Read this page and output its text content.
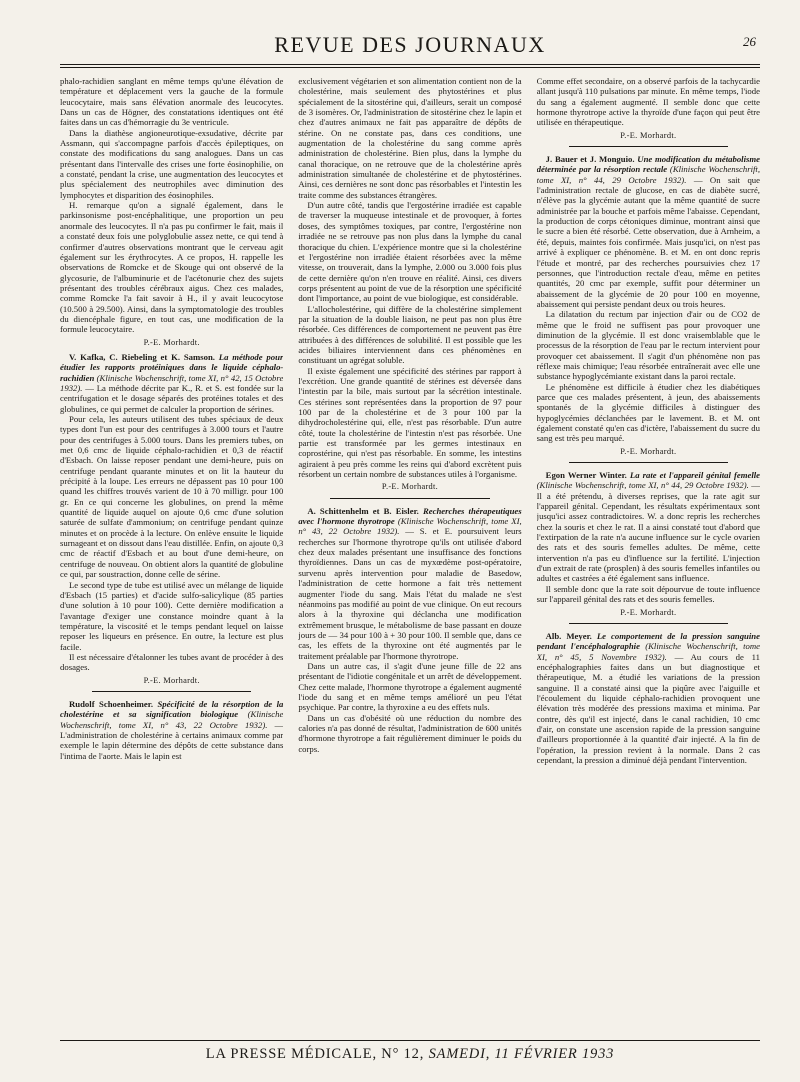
REVUE DES JOURNAUX	26

phalo-rachidien sanglant en même temps qu'une élévation de température et déplacement vers la gauche de la formule leucocytaire, mais sans élévation anormale des leucocytes. Dans un cas de Högner, des constatations identiques ont été faites dans un cas d'hémorragie du 3e ventricule.

Dans la diathèse angioneurotique-exsudative, décrite par Assmann, qui s'accompagne parfois d'accès épileptiques, on constate des modifications du sang analogues. Dans un cas présentant dans l'intervalle des crises une forte éosinophilie, on a constaté, pendant la crise, une augmentation des leucocytes et plus spécialement des neutrophiles avec diminution des lymphocytes et disparition des éosinophiles.

H. remarque qu'on a signalé également, dans le parkinsonisme post-encéphalitique, une proportion un peu anormale des leucocytes. Il n'a pas pu confirmer le fait, mais il a constaté deux fois une polyglobulie assez nette, ce qui tend à confirmer d'autres observations montrant que le cerveau agit également sur les érythrocytes. A ce propos, H. rappelle les observations de Romcke et de Skouge qui ont observé de la glycosurie, de l'albuminurie et de l'acétonurie chez des sujets présentant des troubles cérébraux aigus. Chez ces malades, comme Romcke l'a fait savoir à H., il y avait leucocytose (10.500 à 29.500). Ainsi, dans la symptomatologie des troubles du diencéphale figure, en tout cas, une modification de la formule leucocytaire.

P.-E. Morhardt.

V. Kafka, C. Riebeling et K. Samson. La méthode pour étudier les rapports protéiniques dans le liquide céphalo-rachidien (Klinische Wochenschrift, tome XI, n° 42, 15 Octobre 1932). — La méthode décrite par K., R. et S. est fondée sur la centrifugation et le dosage séparés des protéines totales et des globulines, ce qui permet de calculer la proportion de sérines.

Pour cela, les auteurs utilisent des tubes spéciaux de deux types dont l'un est pour des centrifuges à 3.000 tours et l'autre pour des centrifuges à 5.000 tours. Dans les premiers tubes, on met 0,6 cmc de liquide céphalo-rachidien et 0,3 de réactif d'Esbach. On laisse reposer pendant une demi-heure, puis on centrifuge pendant quarante minutes et on lit la hauteur du précipité à la loupe. Les erreurs ne dépassent pas 10 pour 100 quand les chiffres trouvés varient de 10 à 70 milligr. pour 100 gr. En ce qui concerne les globulines, on prend la même quantité de liquide auquel on ajoute 0,6 cmc d'une solution saturée de sulfate d'ammonium; on centrifuge pendant quinze minutes et on procède à la lecture. On enlève ensuite le liquide surnageant et on dissout dans l'eau distillée. Enfin, on ajoute 0,3 cmc de réactif d'Esbach et au bout d'une demi-heure, on centrifuge de nouveau. On obtient alors la quantité de globuline ce qui, par soustraction, donne celle de sérine.

Le second type de tube est utilisé avec un mélange de liquide d'Esbach (15 parties) et d'acide sulfo-salicylique (85 parties d'une solution à 10 pour 100). Cette dernière modification a l'avantage d'exiger une constance moindre quant à la température, la viscosité et le temps pendant lequel on laisse reposer les liqueurs en présence. En outre, la lecture est plus facile.

Il est nécessaire d'étalonner les tubes avant de procéder à des dosages.

P.-E. Morhardt.

Rudolf Schoenheimer. Spécificité de la résorption de la cholestérine et sa signification biologique (Klinische Wochenschrift, tome XI, n° 43, 22 Octobre 1932). — L'administration de cholestérine à certains animaux comme par exemple le lapin détermine des dépôts de cette substance dans l'intima de l'aorte. Mais le lapin est

exclusivement végétarien et son alimentation contient non de la cholestérine, mais seulement des phytostérines et plus spécialement de la sitostérine qui, d'ailleurs, serait un composé de 3 isomères. Or, l'administration de sitostérine chez le lapin et chez d'autres animaux ne fait pas apparaître de dépôts de stérine. On ne constate pas, dans ces conditions, une augmentation de la cholestérine du sang comme après administration de cholestérine. Bien plus, dans la lymphe du canal thoracique, on ne retrouve que de la cholestérine après administration simultanée de cholestérine et de phytostérines. Ainsi, ces dernières ne sont donc pas résorbables et l'intestin les traite comme des substances étrangères.

D'un autre côté, tandis que l'ergostérine irradiée est capable de traverser la muqueuse intestinale et de provoquer, à fortes doses, des symptômes toxiques, par contre, l'ergostérine non irradiée ne se retrouve pas non plus dans la lymphe du canal thoracique du chien. L'expérience montre que si la cholestérine et l'ergostérine non irradiée étaient résorbées avec la même vitesse, on trouverait, dans la lymphe, 2.000 ou 3.000 fois plus de cette dernière qu'on n'en trouve en réalité. Ainsi, ces divers corps présentent au point de vue de la résorption une spécificité dont l'importance, au point de vue biologique, est considérable.

L'allocholestérine, qui diffère de la cholestérine simplement par la situation de la double liaison, ne peut pas non plus être résorbée. Ces différences de comportement ne peuvent pas être attribuées à des différences de solubilité. Il est possible que les acides biliaires interviennent dans ces phénomènes en constituant un agrégat soluble.

Il existe également une spécificité des stérines par rapport à l'excrétion. Une grande quantité de stérines est déversée dans l'intestin par la bile, mais surtout par la sécrétion intestinale. Ces stérines sont représentées dans la proportion de 97 pour 100 par de la cholestérine et de 3 pour 100 par la dihydrocholestérine qui, elle, n'est pas résorbable. D'un autre côté, toute la cholestérine de l'intestin n'est pas résorbée. Une partie est transformée par les germes intestinaux en coprostérine, qui n'est pas résorbable. En somme, les intestins agiraient à peu près comme les reins qui d'abord excrètent puis résorbent un certain nombre de substances utiles à l'organisme.

P.-E. Morhardt.

A. Schittenhelm et B. Eisler. Recherches thérapeutiques avec l'hormone thyrotrope (Klinische Wochenschrift, tome XI, n° 43, 22 Octobre 1932). — S. et E. poursuivent leurs recherches sur l'hormone thyrotrope qu'ils ont utilisée d'abord chez deux malades présentant une insuffisance des fonctions thyroïdiennes. Dans un cas de myxœdème post-opératoire, survenu après intervention pour maladie de Basedow, l'administration de cette hormone a fait très nettement augmenter l'iode du sang. Mais l'état du malade ne s'est néanmoins pas modifié au point de vue clinique. On eut recours alors à la thyroxine qui déclancha une modification extrêmement brusque, le métabolisme de base passant en douze jours de — 34 pour 100 à + 30 pour 100. Il semble que, dans ce cas, les effets de la thyroxine ont été augmentés par le traitement préalable par l'hormone thyrotrope.

Dans un autre cas, il s'agit d'une jeune fille de 22 ans présentant de l'idiotie congénitale et un arrêt de développement. Chez cette malade, l'hormone thyrotrope a également augmenté l'iode du sang et en même temps amélioré un peu l'état psychique. Par contre, la thyroxine a eu des effets nuls.

Dans un cas d'obésité où une réduction du nombre des calories n'a pas donné de résultat, l'administration de 600 unités d'hormone thyrotrope a fait régulièrement diminuer le poids du corps.

Comme effet secondaire, on a observé parfois de la tachycardie allant jusqu'à 110 pulsations par minute. En même temps, l'iode du sang a également augmenté. Il semble donc que cette hormone thyrotrope active la thyroïde d'une façon qui peut être utilisée en thérapeutique.

P.-E. Morhardt.

J. Bauer et J. Monguio. Une modification du métabolisme déterminée par la résorption rectale (Klinische Wochenschrift, tome XI, n° 44, 29 Octobre 1932). — On sait que l'administration rectale de glucose, en cas de diabète sucré, n'élève pas la glycémie autant que la même quantité de sucre administrée par la bouche et parfois même l'abaisse. Cependant, la production de corps cétoniques diminue, montrant ainsi que le sucre a bien été résorbé. Cette observation, due à Arnheim, a été, depuis, maintes fois confirmée. Mais jusqu'ici, on n'est pas arrivé à expliquer ce phénomène. B. et M. en ont donc repris l'étude et montré, par des recherches poursuivies chez 17 personnes, que l'introduction rectale d'eau, même en petites quantités, 20 cmc par exemple, suffit pour déterminer un abaissement de la glycémie de 20 pour 100 en moyenne, abaissement qui persiste pendant deux ou trois heures.

La dilatation du rectum par injection d'air ou de CO2 de même que le froid ne suffisent pas pour provoquer une diminution de la glycémie. Il est donc vraisemblable que le processus de la résorption de l'eau par le rectum intervient pour provoquer cet abaissement. Il s'agit d'un phénomène non pas réflexe mais chimique; l'eau résorbée entraînerait avec elle une substance hypoglycémiante existant dans la paroi rectale.

Le phénomène est difficile à étudier chez les diabétiques parce que ces malades présentent, à jeun, des abaissements spontanés de la glycémie difficiles à distinguer des hypoglycémies déclanchées par le lavement. B. et M. ont également constaté qu'en cas d'ictère, l'abaissement du sucre du sang est très peu marqué.

P.-E. Morhardt.

Egon Werner Winter. La rate et l'appareil génital femelle (Klinische Wochenschrift, tome XI, n° 44, 29 Octobre 1932). — Il a été prétendu, à diverses reprises, que la rate agit sur l'appareil génital. Cependant, les résultats expérimentaux sont jusqu'ici assez contradictoires. W. a donc repris les recherches chez la souris et chez le rat. Il a ainsi constaté tout d'abord que l'extirpation de la rate n'a aucune influence sur le cycle ovarien des rats et des souris femelles adultes. De même, cette intervention n'a pas eu d'influence sur la fertilité. L'injection d'un extrait de rate (prosplen) à des souris femelles infantiles ou adultes et castrées a été également sans influence.

Il semble donc que la rate soit dépourvue de toute influence sur l'appareil génital des rats et des souris femelles.

P.-E. Morhardt.

Alb. Meyer. Le comportement de la pression sanguine pendant l'encéphalographie (Klinische Wochenschrift, tome XI, n° 45, 5 Novembre 1932). — Au cours de 11 encéphalographies faites dans un but diagnostique et thérapeutique, M. a étudié les variations de la pression sanguine. Il a constaté ainsi que la piqûre avec l'aiguille et l'écoulement du liquide céphalo-rachidien provoquent une élévation très modérée des pressions maxima et minima. Par contre, dès qu'il est injecté, dans le canal rachidien, 10 cmc d'air, on constate une ascension rapide de la pression sanguine d'ailleurs proportionnée à la quantité d'air injecté. A la fin de l'opération, la pression revient à la normale. Dans 2 cas cependant, la pression a diminué déjà pendant l'intervention.

LA PRESSE MÉDICALE, N° 12, SAMEDI, 11 FÉVRIER 1933
